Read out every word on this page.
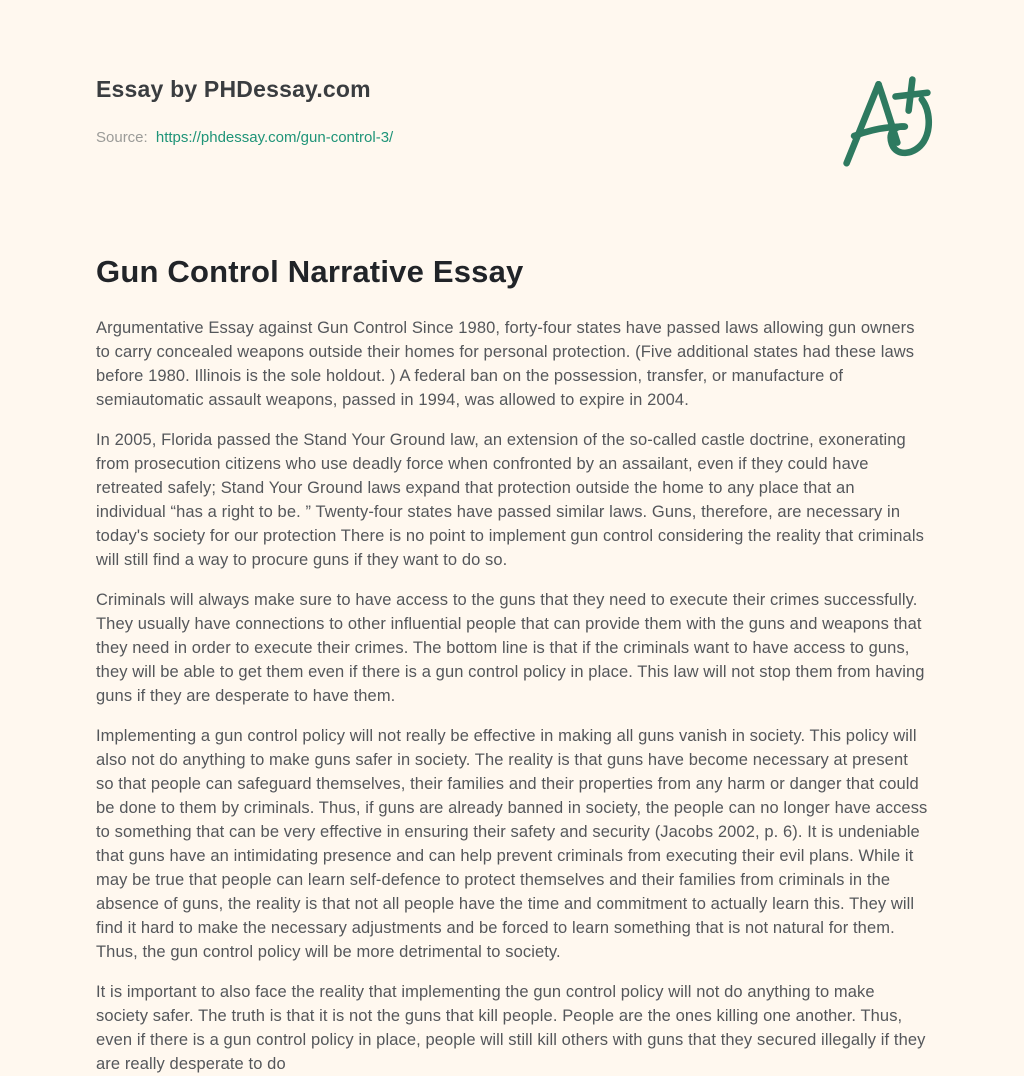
Essay by PHDessay.com
Source: https://phdessay.com/gun-control-3/
Gun Control Narrative Essay

Argumentative Essay against Gun Control Since 1980, forty-four states have passed laws allowing gun owners to carry concealed weapons outside their homes for personal protection. (Five additional states had these laws before 1980. Illinois is the sole holdout. ) A federal ban on the possession, transfer, or manufacture of semiautomatic assault weapons, passed in 1994, was allowed to expire in 2004.

In 2005, Florida passed the Stand Your Ground law, an extension of the so-called castle doctrine, exonerating from prosecution citizens who use deadly force when confronted by an assailant, even if they could have retreated safely; Stand Your Ground laws expand that protection outside the home to any place that an individual “has a right to be. ” Twenty-four states have passed similar laws. Guns, therefore, are necessary in today's society for our protection There is no point to implement gun control considering the reality that criminals will still find a way to procure guns if they want to do so.

Criminals will always make sure to have access to the guns that they need to execute their crimes successfully. They usually have connections to other influential people that can provide them with the guns and weapons that they need in order to execute their crimes. The bottom line is that if the criminals want to have access to guns, they will be able to get them even if there is a gun control policy in place. This law will not stop them from having guns if they are desperate to have them.

Implementing a gun control policy will not really be effective in making all guns vanish in society. This policy will also not do anything to make guns safer in society. The reality is that guns have become necessary at present so that people can safeguard themselves, their families and their properties from any harm or danger that could be done to them by criminals. Thus, if guns are already banned in society, the people can no longer have access to something that can be very effective in ensuring their safety and security (Jacobs 2002, p. 6). It is undeniable that guns have an intimidating presence and can help prevent criminals from executing their evil plans. While it may be true that people can learn self-defence to protect themselves and their families from criminals in the absence of guns, the reality is that not all people have the time and commitment to actually learn this. They will find it hard to make the necessary adjustments and be forced to learn something that is not natural for them. Thus, the gun control policy will be more detrimental to society.

It is important to also face the reality that implementing the gun control policy will not do anything to make society safer. The truth is that it is not the guns that kill people. People are the ones killing one another. Thus, even if there is a gun control policy in place, people will still kill others with guns that they secured illegally if they are really desperate to do
